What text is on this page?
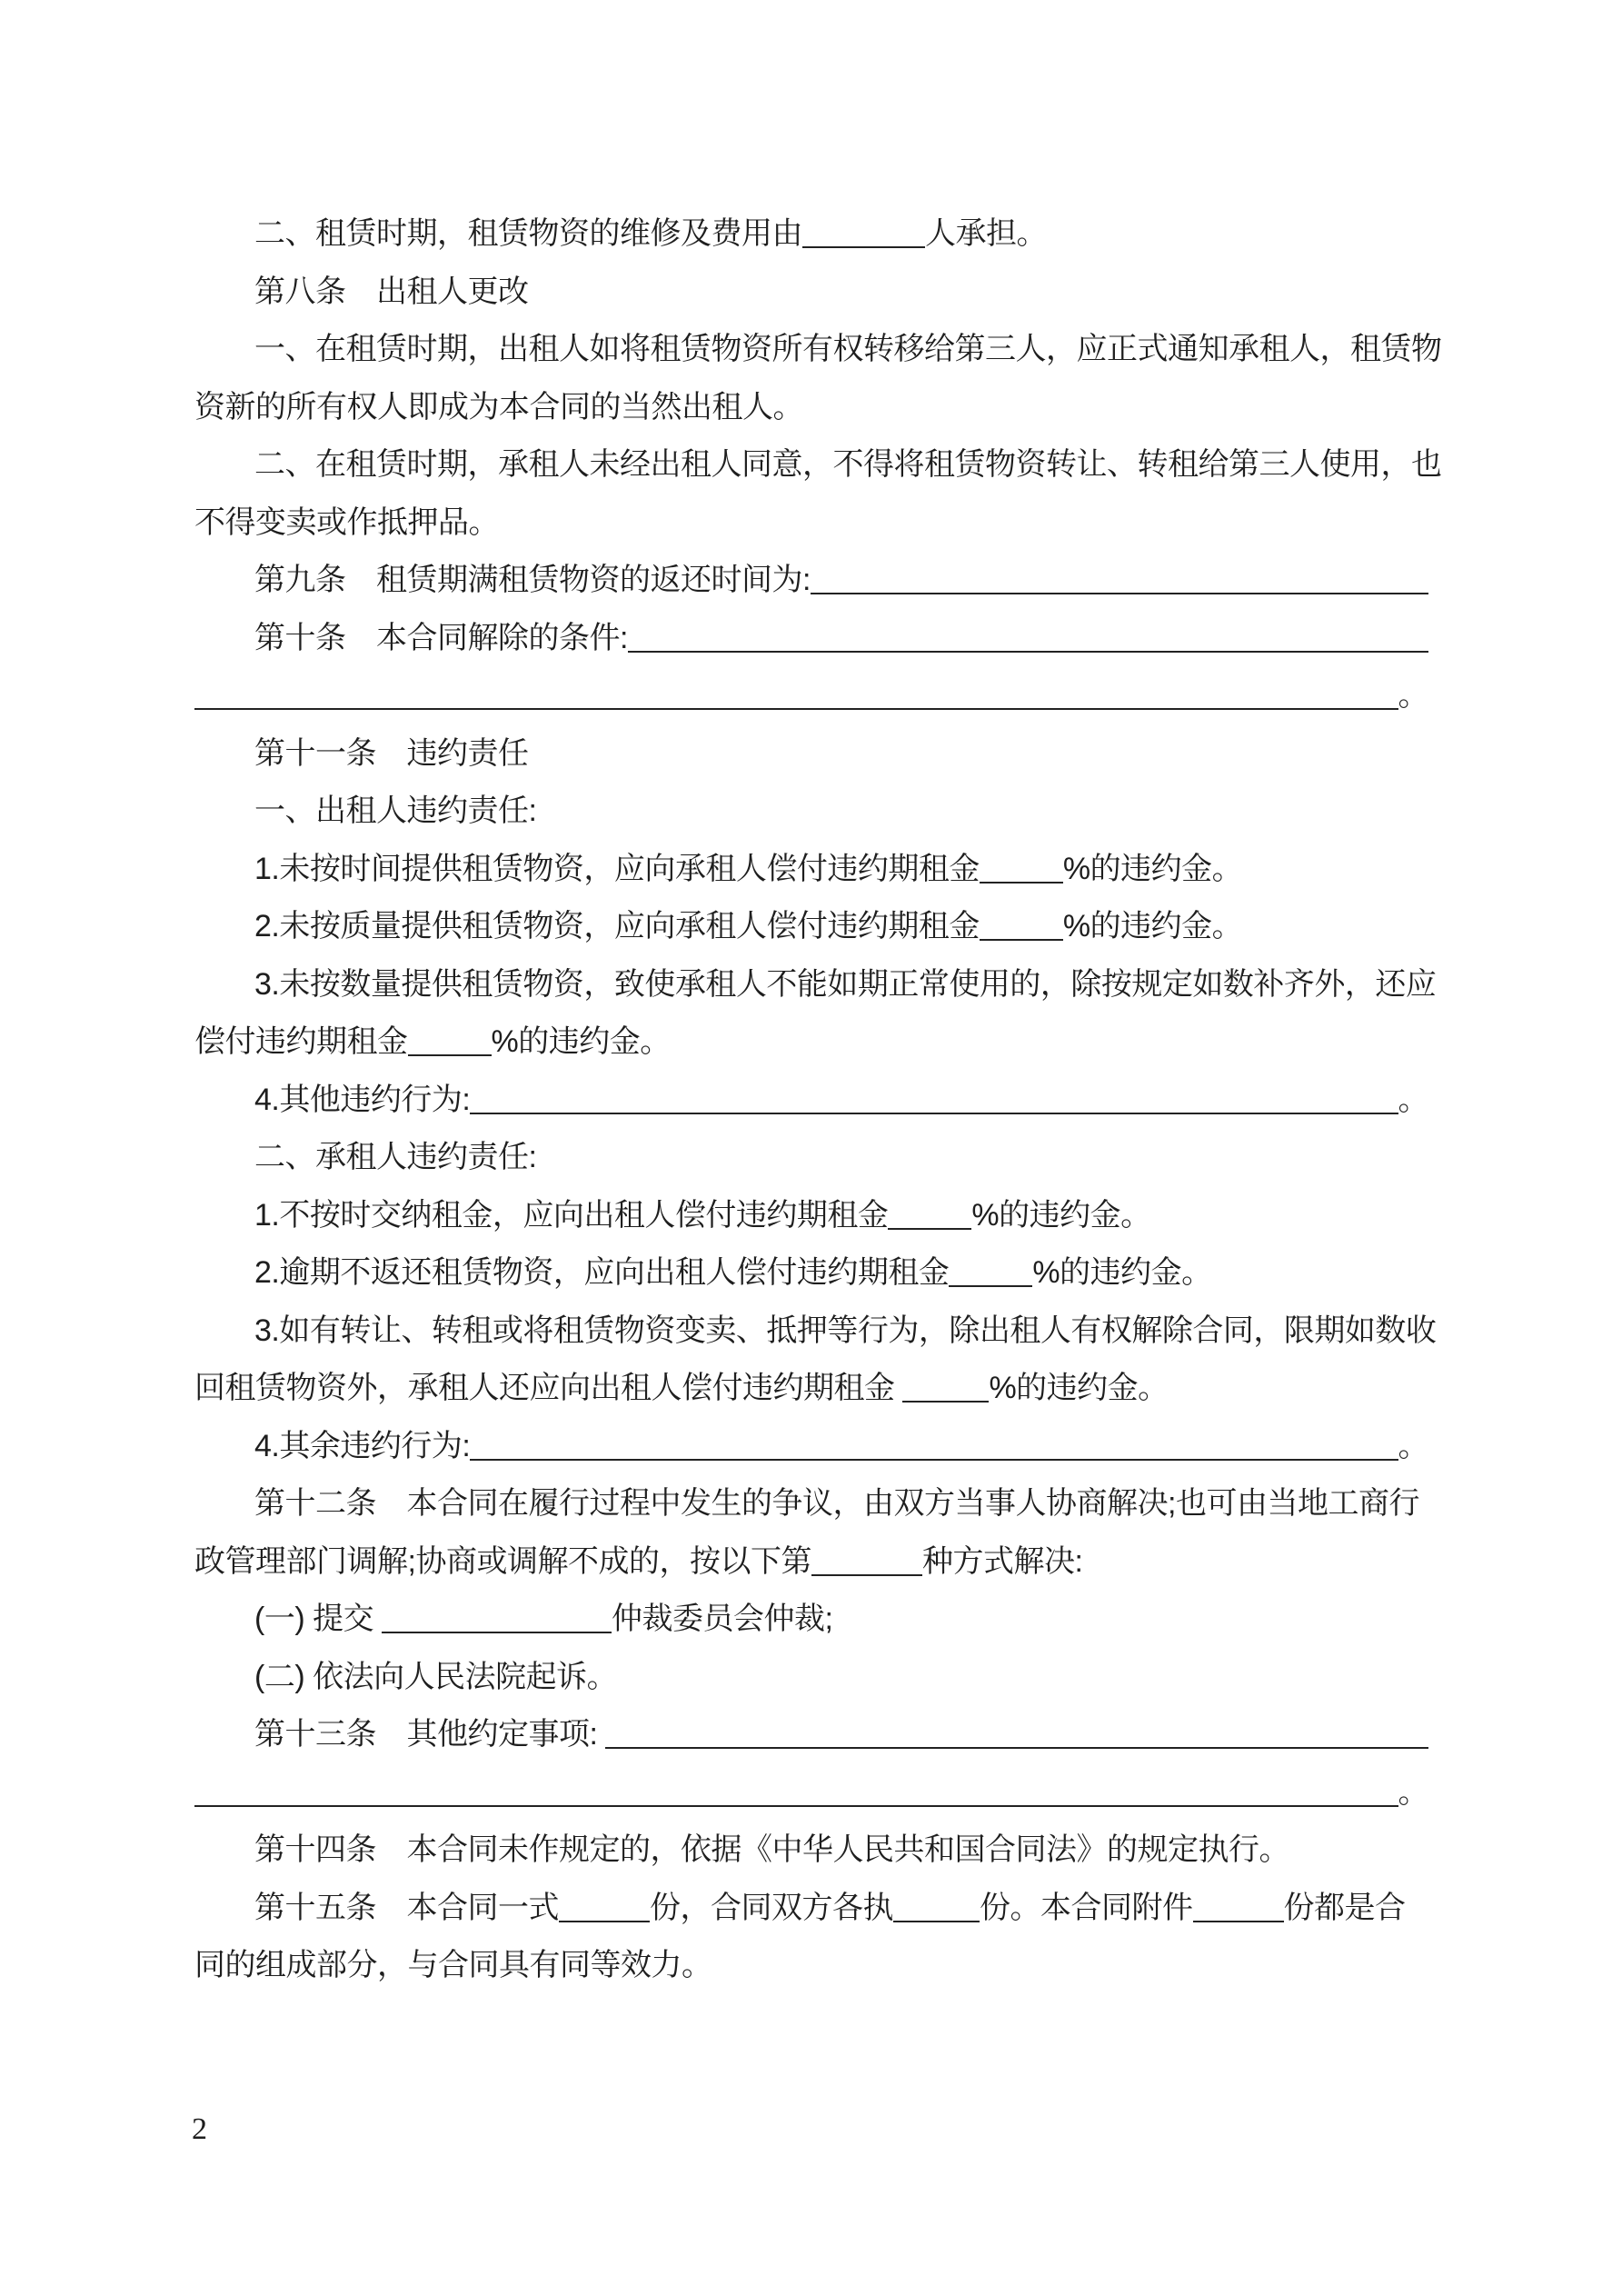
二、租赁时期，租赁物资的维修及费用由	人承担。
第八条　出租人更改
一、在租赁时期，出租人如将租赁物资所有权转移给第三人，应正式通知承租人，租赁物
资新的所有权人即成为本合同的当然出租人。
二、在租赁时期，承租人未经出租人同意，不得将租赁物资转让、转租给第三人使用，也
不得变卖或作抵押品。
第九条　租赁期满租赁物资的返还时间为:
第十条　本合同解除的条件:
。
第十一条　违约责任
一、出租人违约责任:
1.未按时间提供租赁物资，应向承租人偿付违约期租金	%的违约金。
2.未按质量提供租赁物资，应向承租人偿付违约期租金	%的违约金。
3.未按数量提供租赁物资，致使承租人不能如期正常使用的，除按规定如数补齐外，还应
偿付违约期租金	%的违约金。
4.其他违约行为:	。
二、承租人违约责任:
1.不按时交纳租金，应向出租人偿付违约期租金	%的违约金。
2.逾期不返还租赁物资，应向出租人偿付违约期租金	%的违约金。
3.如有转让、转租或将租赁物资变卖、抵押等行为，除出租人有权解除合同，限期如数收
回租赁物资外，承租人还应向出租人偿付违约期租金	%的违约金。
4.其余违约行为:	。
第十二条　本合同在履行过程中发生的争议，由双方当事人协商解决;也可由当地工商行
政管理部门调解;协商或调解不成的，按以下第	种方式解决:
(一) 提交	仲裁委员会仲裁;
(二) 依法向人民法院起诉。
第十三条　其他约定事项:
。
第十四条　本合同未作规定的，依据《中华人民共和国合同法》的规定执行。
第十五条　本合同一式	份，合同双方各执	份。本合同附件	份都是合
同的组成部分，与合同具有同等效力。
2
